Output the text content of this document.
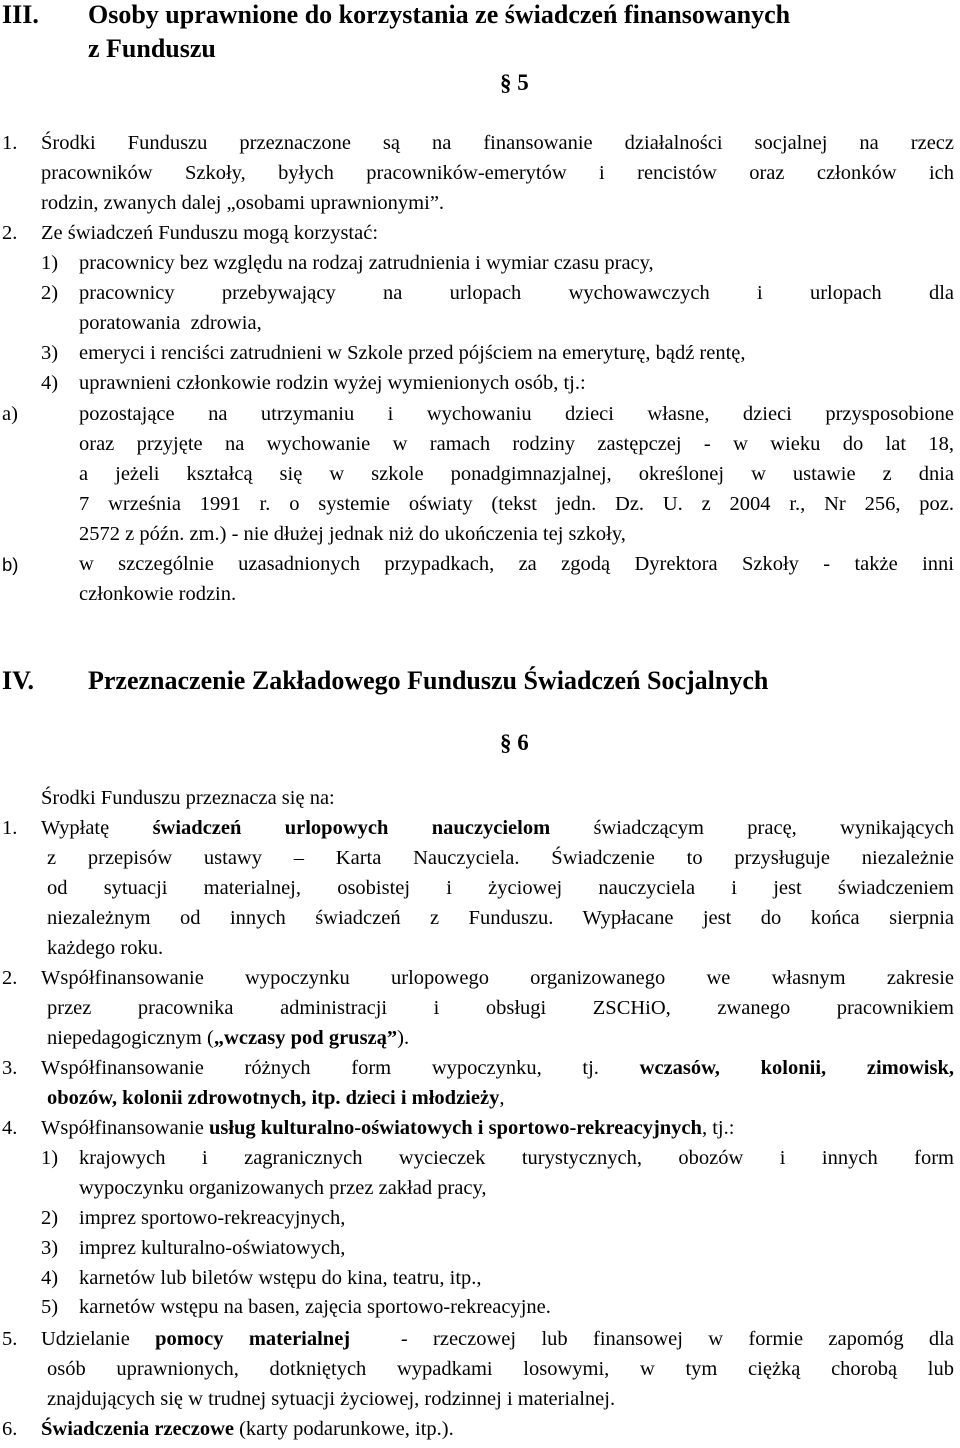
III. Osoby uprawnione do korzystania ze świadczeń finansowanych
z Funduszu
§ 5
1. Środki Funduszu przeznaczone są na finansowanie działalności socjalnej na rzecz
pracowników Szkoły, byłych pracowników-emerytów i rencistów oraz członków ich
rodzin, zwanych dalej „osobami uprawnionymi”.
2. Ze świadczeń Funduszu mogą korzystać:
1) pracownicy bez względu na rodzaj zatrudnienia i wymiar czasu pracy,
2) pracownicy przebywający na urlopach wychowawczych i urlopach dla
poratowania  zdrowia,
3) emeryci i renciści zatrudnieni w Szkole przed pójściem na emeryturę, bądź rentę,
4) uprawnieni członkowie rodzin wyżej wymienionych osób, tj.:
a)	pozostające na utrzymaniu i wychowaniu dzieci własne, dzieci przysposobione
oraz przyjęte na wychowanie w ramach rodziny zastępczej - w wieku do lat 18,
a jeżeli kształcą się w szkole ponadgimnazjalnej, określonej w ustawie z dnia
7 września 1991 r. o systemie oświaty (tekst jedn. Dz. U. z 2004 r., Nr 256, poz.
2572 z późn. zm.) - nie dłużej jednak niż do ukończenia tej szkoły,
b)	w szczególnie uzasadnionych przypadkach, za zgodą Dyrektora Szkoły - także inni
członkowie rodzin.
IV. Przeznaczenie Zakładowego Funduszu Świadczeń Socjalnych
§ 6
Środki Funduszu przeznacza się na:
1. Wypłatę świadczeń urlopowych nauczycielom świadczącym pracę, wynikających
z przepisów ustawy – Karta Nauczyciela. Świadczenie to przysługuje niezależnie
od sytuacji materialnej, osobistej i życiowej nauczyciela i jest świadczeniem
niezależnym od innych świadczeń z Funduszu. Wypłacane jest do końca sierpnia
każdego roku.
2. Współfinansowanie wypoczynku urlopowego organizowanego we własnym zakresie
przez pracownika administracji i obsługi ZSCHiO, zwanego pracownikiem
niepedagogicznym („wczasy pod gruszą”).
3. Współfinansowanie różnych form wypoczynku, tj. wczasów, kolonii, zimowisk,
obozów, kolonii zdrowotnych, itp. dzieci i młodzieży,
4. Współfinansowanie usług kulturalno-oświatowych i sportowo-rekreacyjnych, tj.:
1) krajowych i zagranicznych wycieczek turystycznych, obozów i innych form
wypoczynku organizowanych przez zakład pracy,
2) imprez sportowo-rekreacyjnych,
3) imprez kulturalno-oświatowych,
4) karnetów lub biletów wstępu do kina, teatru, itp.,
5) karnetów wstępu na basen, zajęcia sportowo-rekreacyjne.
5. Udzielanie pomocy materialnej  - rzeczowej lub finansowej w formie zapomóg dla
osób uprawnionych, dotkniętych wypadkami losowymi, w tym ciężką chorobą lub
znajdujących się w trudnej sytuacji życiowej, rodzinnej i materialnej.
6. Świadczenia rzeczowe (karty podarunkowe, itp.).
